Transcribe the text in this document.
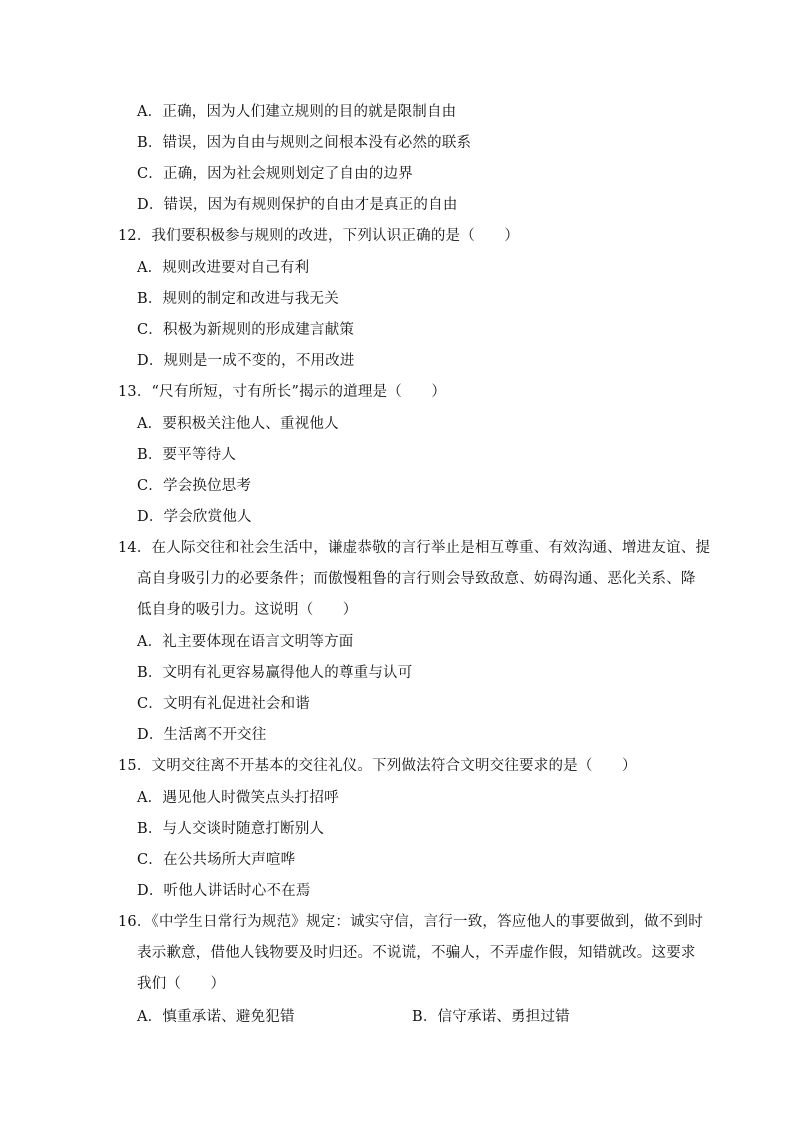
A．正确，因为人们建立规则的目的就是限制自由
B．错误，因为自由与规则之间根本没有必然的联系
C．正确，因为社会规则划定了自由的边界
D．错误，因为有规则保护的自由才是真正的自由
12．我们要积极参与规则的改进，下列认识正确的是（　　）
A．规则改进要对自己有利
B．规则的制定和改进与我无关
C．积极为新规则的形成建言献策
D．规则是一成不变的，不用改进
13．“尺有所短，寸有所长”揭示的道理是（　　）
A．要积极关注他人、重视他人
B．要平等待人
C．学会换位思考
D．学会欣赏他人
14．在人际交往和社会生活中，谦虚恭敬的言行举止是相互尊重、有效沟通、增进友谊、提
高自身吸引力的必要条件；而傲慢粗鲁的言行则会导致敌意、妨碍沟通、恶化关系、降
低自身的吸引力。这说明（　　）
A．礼主要体现在语言文明等方面
B．文明有礼更容易赢得他人的尊重与认可
C．文明有礼促进社会和谐
D．生活离不开交往
15．文明交往离不开基本的交往礼仪。下列做法符合文明交往要求的是（　　）
A．遇见他人时微笑点头打招呼
B．与人交谈时随意打断别人
C．在公共场所大声喧哗
D．听他人讲话时心不在焉
16．《中学生日常行为规范》规定：诚实守信，言行一致，答应他人的事要做到，做不到时
表示歉意，借他人钱物要及时归还。不说谎，不骗人，不弄虚作假，知错就改。这要求
我们（　　）
A．慎重承诺、避免犯错	B．信守承诺、勇担过错
